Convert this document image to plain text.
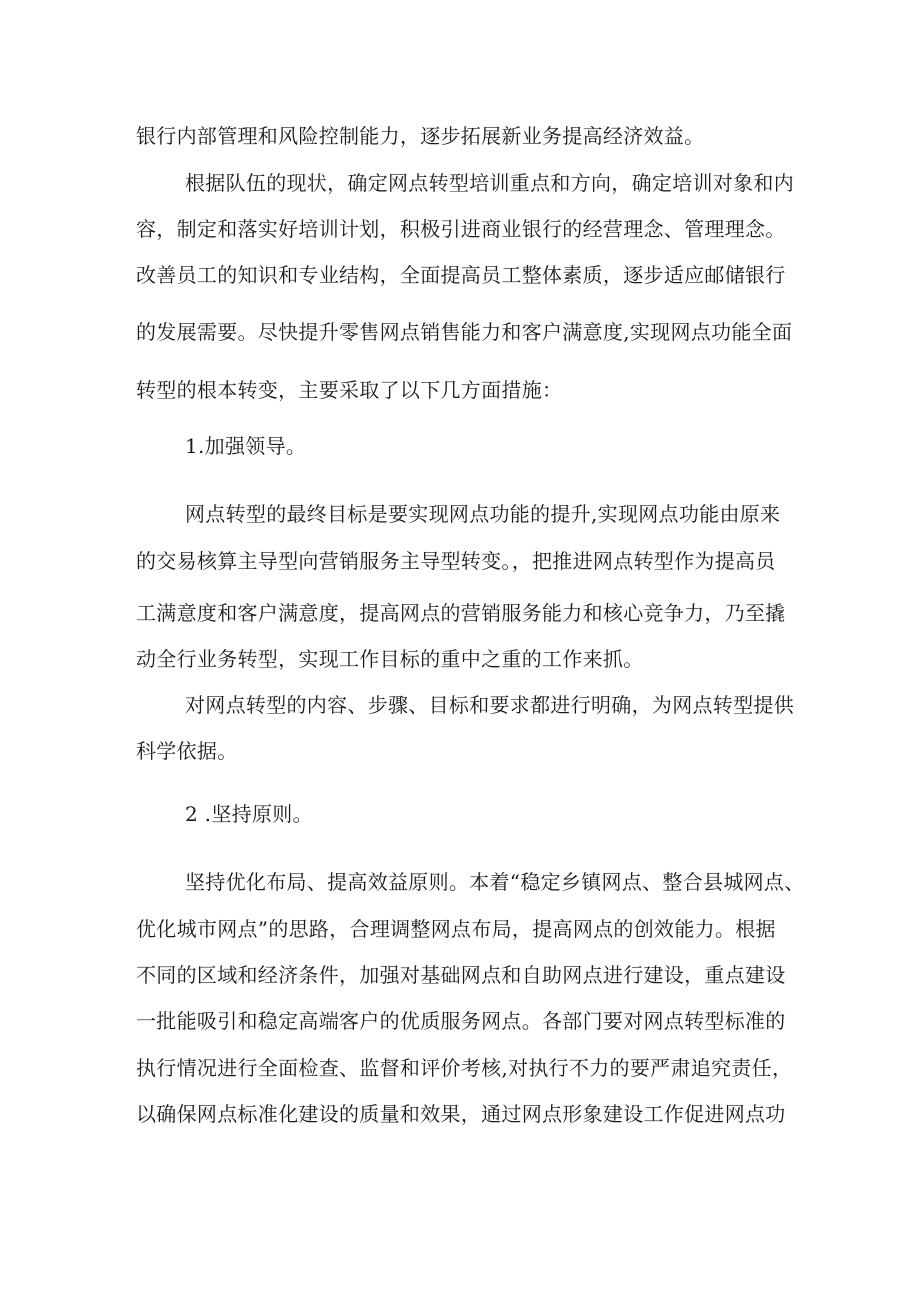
银行内部管理和风险控制能力，逐步拓展新业务提高经济效益。
根据队伍的现状，确定网点转型培训重点和方向，确定培训对象和内
容，制定和落实好培训计划，积极引进商业银行的经营理念、管理理念。
改善员工的知识和专业结构，全面提高员工整体素质，逐步适应邮储银行
的发展需要。尽快提升零售网点销售能力和客户满意度,实现网点功能全面
转型的根本转变，主要采取了以下几方面措施：
1.加强领导。
网点转型的最终目标是要实现网点功能的提升,实现网点功能由原来
的交易核算主导型向营销服务主导型转变。，把推进网点转型作为提高员
工满意度和客户满意度，提高网点的营销服务能力和核心竞争力，乃至撬
动全行业务转型，实现工作目标的重中之重的工作来抓。
对网点转型的内容、步骤、目标和要求都进行明确，为网点转型提供
科学依据。
2 .坚持原则。
坚持优化布局、提高效益原则。本着“稳定乡镇网点、整合县城网点、
优化城市网点”的思路，合理调整网点布局，提高网点的创效能力。根据
不同的区域和经济条件，加强对基础网点和自助网点进行建设，重点建设
一批能吸引和稳定高端客户的优质服务网点。各部门要对网点转型标准的
执行情况进行全面检查、监督和评价考核,对执行不力的要严肃追究责任，
以确保网点标准化建设的质量和效果，通过网点形象建设工作促进网点功
